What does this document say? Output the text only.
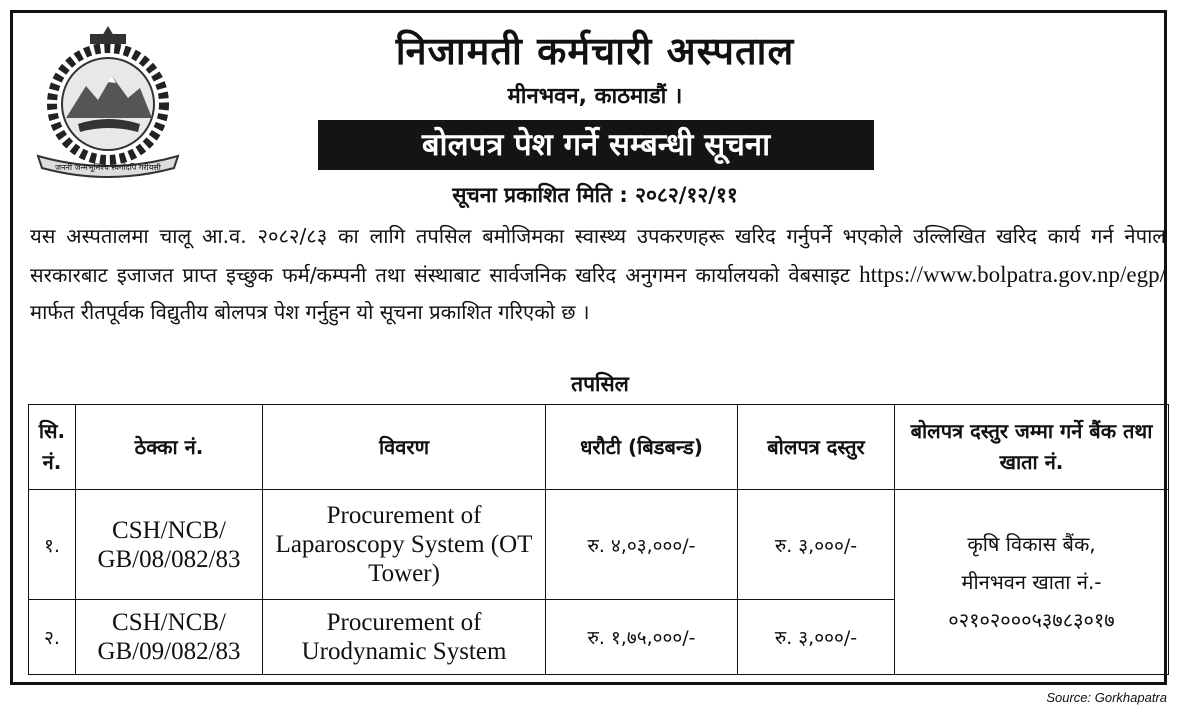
जननी जन्मभूमिश्च स्वर्गादपि गरीयसी
निजामती कर्मचारी अस्पताल
मीनभवन, काठमाडौं ।
बोलपत्र पेश गर्ने सम्बन्धी सूचना
सूचना प्रकाशित मिति : २०८२/१२/११
यस अस्पतालमा चालू आ.व. २०८२/८३ का लागि तपसिल बमोजिमका स्वास्थ्य उपकरणहरू खरिद गर्नुपर्ने भएकोले उल्लिखित खरिद कार्य गर्न नेपाल सरकारबाट इजाजत प्राप्त इच्छुक फर्म/कम्पनी तथा संस्थाबाट सार्वजनिक खरिद अनुगमन कार्यालयको वेबसाइट https://www.bolpatra.gov.np/egp/ मार्फत रीतपूर्वक विद्युतीय बोलपत्र पेश गर्नुहुन यो सूचना प्रकाशित गरिएको छ ।
तपसिल
सि. नं.	ठेक्का नं.	विवरण	धरौटी (बिडबन्ड)	बोलपत्र दस्तुर	बोलपत्र दस्तुर जम्मा गर्ने बैंक तथा खाता नं.
१.	CSH/NCB/ GB/08/082/83	Procurement of Laparoscopy System (OT Tower)	रु. ४,०३,०००/-	रु. ३,०००/-	कृषि विकास बैंक,
मीनभवन खाता नं.-
०२१०२०००५३७८३०१७

२.	CSH/NCB/ GB/09/082/83	Procurement of Urodynamic System	रु. १,७५,०००/-	रु. ३,०००/-	
Source: Gorkhapatra
